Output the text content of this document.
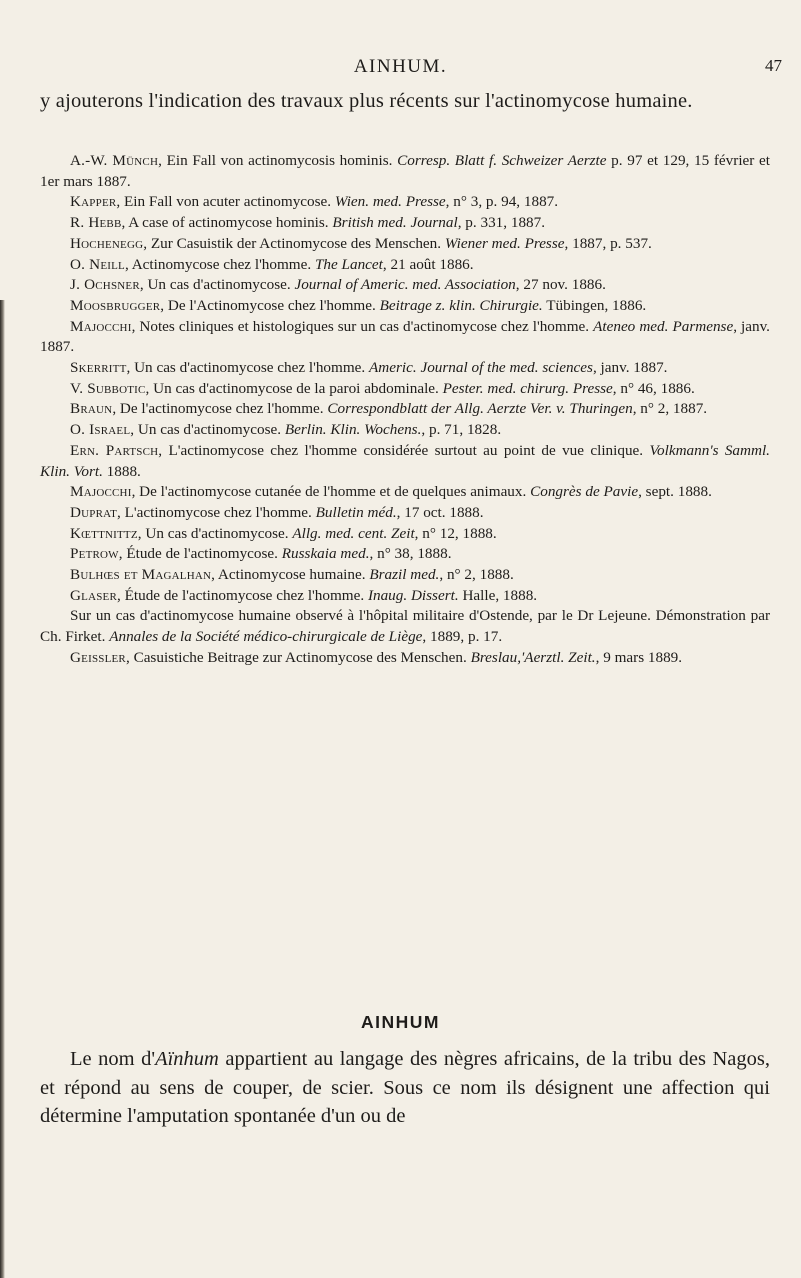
AINHUM.	47

y ajouterons l'indication des travaux plus récents sur l'actinomycose humaine.

A.-W. Münch, Ein Fall von actinomycosis hominis. Corresp. Blatt f. Schweizer Aerzte p. 97 et 129, 15 février et 1er mars 1887.

Kapper, Ein Fall von acuter actinomycose. Wien. med. Presse, n° 3, p. 94, 1887.

R. Hebb, A case of actinomycose hominis. British med. Journal, p. 331, 1887.

Hochenegg, Zur Casuistik der Actinomycose des Menschen. Wiener med. Presse, 1887, p. 537.

O. Neill, Actinomycose chez l'homme. The Lancet, 21 août 1886.

J. Ochsner, Un cas d'actinomycose. Journal of Americ. med. Association, 27 nov. 1886.

Moosbrugger, De l'Actinomycose chez l'homme. Beitrage z. klin. Chirurgie. Tübingen, 1886.

Majocchi, Notes cliniques et histologiques sur un cas d'actinomycose chez l'homme. Ateneo med. Parmense, janv. 1887.

Skerritt, Un cas d'actinomycose chez l'homme. Americ. Journal of the med. sciences, janv. 1887.

V. Subbotic, Un cas d'actinomycose de la paroi abdominale. Pester. med. chirurg. Presse, n° 46, 1886.

Braun, De l'actinomycose chez l'homme. Correspondblatt der Allg. Aerzte Ver. v. Thuringen, n° 2, 1887.

O. Israel, Un cas d'actinomycose. Berlin. Klin. Wochens., p. 71, 1828.

Ern. Partsch, L'actinomycose chez l'homme considérée surtout au point de vue clinique. Volkmann's Samml. Klin. Vort. 1888.

Majocchi, De l'actinomycose cutanée de l'homme et de quelques animaux. Congrès de Pavie, sept. 1888.

Duprat, L'actinomycose chez l'homme. Bulletin méd., 17 oct. 1888.

Kœttnittz, Un cas d'actinomycose. Allg. med. cent. Zeit, n° 12, 1888.

Petrow, Étude de l'actinomycose. Russkaia med., n° 38, 1888.

Bulhœs et Magalhan, Actinomycose humaine. Brazil med., n° 2, 1888.

Glaser, Étude de l'actinomycose chez l'homme. Inaug. Dissert. Halle, 1888.

Sur un cas d'actinomycose humaine observé à l'hôpital militaire d'Ostende, par le Dr Lejeune. Démonstration par Ch. Firket. Annales de la Société médico-chirurgicale de Liège, 1889, p. 17.

Geissler, Casuistiche Beitrage zur Actinomycose des Menschen. Breslau,'Aerztl. Zeit., 9 mars 1889.

AINHUM

Le nom d'Aïnhum appartient au langage des nègres africains, de la tribu des Nagos, et répond au sens de couper, de scier. Sous ce nom ils désignent une affection qui détermine l'amputation spontanée d'un ou de
